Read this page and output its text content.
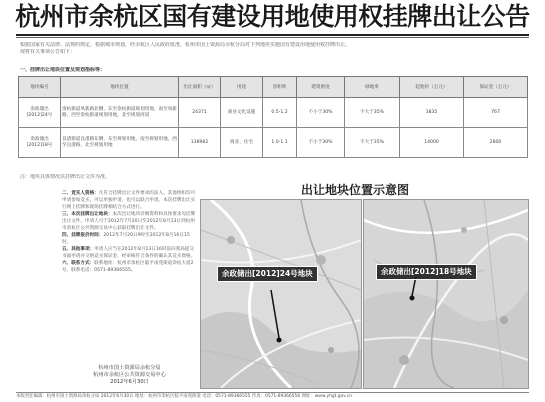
杭州市余杭区国有建设用地使用权挂牌出让公告
根据国家有关法律、法规的规定，根据城市规划，经余杭区人民政府批准，杭州市国土资源局余杭分局对下列地块实施国有建设用地使用权挂牌出让。
现将有关事项公告如下：
一、挂牌出让地块位置及规划指标等：
地块编号	地块位置	出让面积（㎡）	用途	容积率	建筑密度	绿地率	起始价（万元）	保证金（万元）
余政储出[2012]24号	余杭街道凤新路北侧、东至余杭街道规划用地，南至凤新路，西至余杭街道规划用地，北至规划河道	24371	商业文化设施	0.5-1.2	不小于30%	不大于35%	3835	767
余政储出[2012]18号	良渚街道良渚路东侧、东至规划用地，南至规划用地，西至良渚路，北至规划用地	138982	商业、住宅	1.0-1.1	不小于30%	不大于35%	14000	2800
注：地块具体情况以挂牌出让文件为准。
二、竞买人资格：凡符合挂牌出让文件要求的法人、其他组织均可申请参加竞买，可以单独申请，也可以联合申请。本次挂牌出让实行网上挂牌和现场挂牌相结合方式进行。
三、本次挂牌出让地块：本次出让地块详细资料和具体要求见挂牌出让文件。申请人可于2012年7月20日至2012年8月13日到杭州市余杭区公共资源交易中心获取挂牌出让文件。
四、挂牌报价时间：2012年7月20日9时至2012年8月16日15时。
五、其他事项：申请人应当在2012年8月13日16时前向我局提交书面申请并交纳竞买保证金，经审核符合条件的确认其竞买资格。
六、联系方式：联系地址：杭州市余杭区临平南苑街道余杭大道2号，联系电话：0571-89366555。
杭州市国土资源局余杭分局
杭州市余杭区公共资源交易中心
2012年6月30日
出让地块位置示意图
余政储出[2012]24号地块	余政储出[2012]18号地块
本版责任编辑：杭州市国土资源局余杭分局 2012年6月30日 地址：杭州市余杭区临平南苑街道 电话：0571-89366555 传真：0571-89366556 网址：www.yhgt.gov.cn
